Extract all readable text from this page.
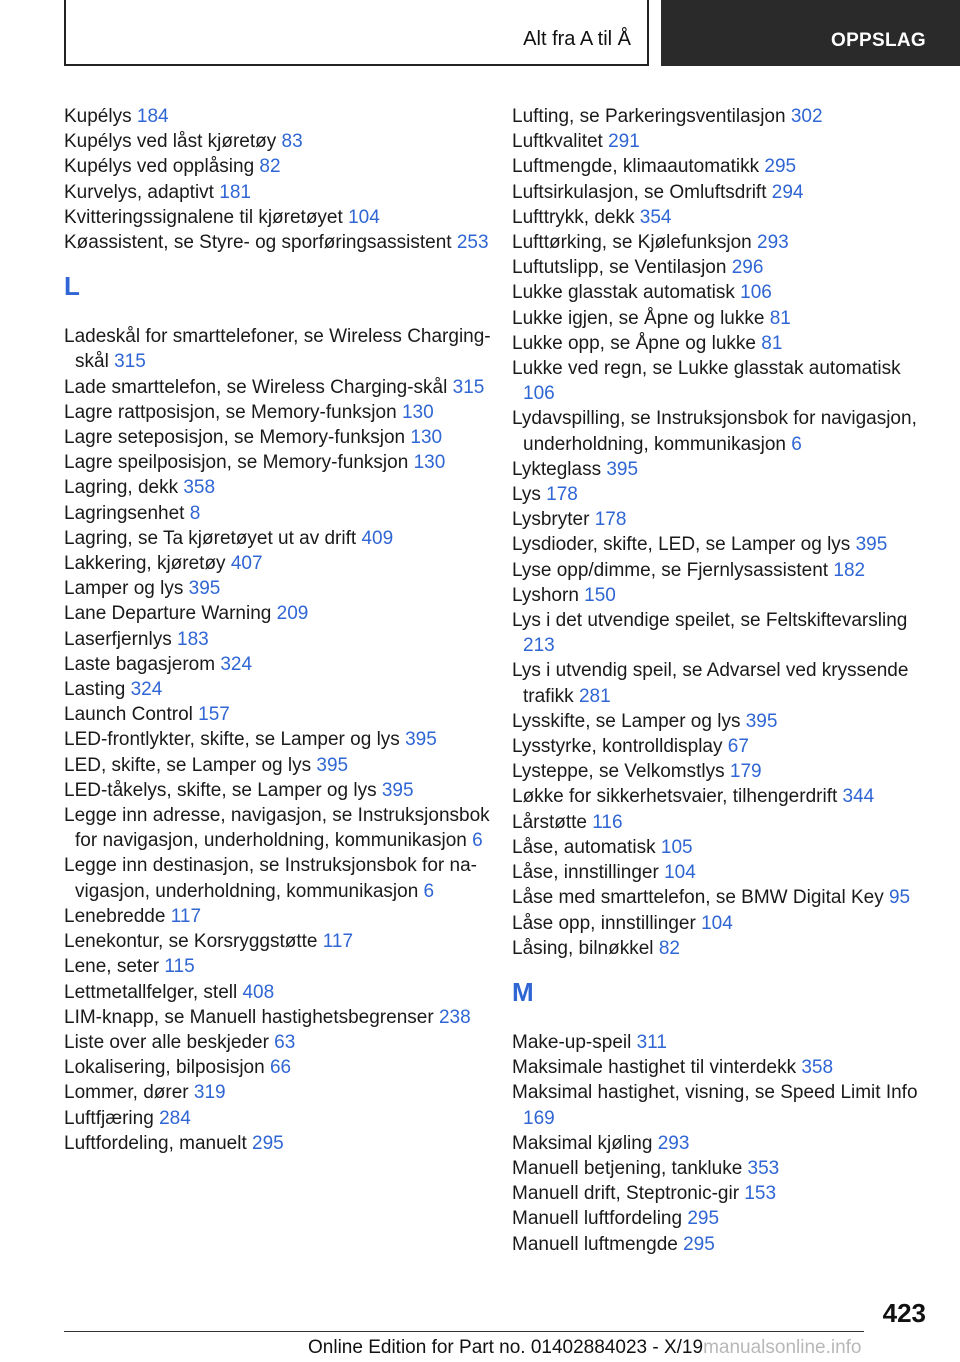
Alt fra A til Å	OPPSLAG
Kupélys 184
Kupélys ved låst kjøretøy 83
Kupélys ved opplåsing 82
Kurvelys, adaptivt 181
Kvitteringssignalene til kjøretøyet 104
Køassistent, se Styre- og sporføringsassistent 253
L
Ladeskål for smarttelefoner, se Wireless Charging-skål 315
Lade smarttelefon, se Wireless Charging-skål 315
Lagre rattposisjon, se Memory-funksjon 130
Lagre seteposisjon, se Memory-funksjon 130
Lagre speilposisjon, se Memory-funksjon 130
Lagring, dekk 358
Lagringsenhet 8
Lagring, se Ta kjøretøyet ut av drift 409
Lakkering, kjøretøy 407
Lamper og lys 395
Lane Departure Warning 209
Laserfjernlys 183
Laste bagasjerom 324
Lasting 324
Launch Control 157
LED-frontlykter, skifte, se Lamper og lys 395
LED, skifte, se Lamper og lys 395
LED-tåkelys, skifte, se Lamper og lys 395
Legge inn adresse, navigasjon, se Instruksjonsbok for navigasjon, underholdning, kommunikasjon 6
Legge inn destinasjon, se Instruksjonsbok for navigasjon, underholdning, kommunikasjon 6
Lenebredde 117
Lenekontur, se Korsryggstøtte 117
Lene, seter 115
Lettmetallfelger, stell 408
LIM-knapp, se Manuell hastighetsbegrenser 238
Liste over alle beskjeder 63
Lokalisering, bilposisjon 66
Lommer, dører 319
Luftfjæring 284
Luftfordeling, manuelt 295
Lufting, se Parkeringsventilasjon 302
Luftkvalitet 291
Luftmengde, klimaautomatikk 295
Luftsirkulasjon, se Omluftsdrift 294
Lufttrykk, dekk 354
Lufttørking, se Kjølefunksjon 293
Luftutslipp, se Ventilasjon 296
Lukke glasstak automatisk 106
Lukke igjen, se Åpne og lukke 81
Lukke opp, se Åpne og lukke 81
Lukke ved regn, se Lukke glasstak automatisk 106
Lydavspilling, se Instruksjonsbok for navigasjon, underholdning, kommunikasjon 6
Lykteglass 395
Lys 178
Lysbryter 178
Lysdioder, skifte, LED, se Lamper og lys 395
Lyse opp/dimme, se Fjernlysassistent 182
Lyshorn 150
Lys i det utvendige speilet, se Feltskiftevarsling 213
Lys i utvendig speil, se Advarsel ved kryssende trafikk 281
Lysskifte, se Lamper og lys 395
Lysstyrke, kontrolldisplay 67
Lysteppe, se Velkomstlys 179
Løkke for sikkerhetsvaier, tilhengerdrift 344
Lårstøtte 116
Låse, automatisk 105
Låse, innstillinger 104
Låse med smarttelefon, se BMW Digital Key 95
Låse opp, innstillinger 104
Låsing, bilnøkkel 82
M
Make-up-speil 311
Maksimale hastighet til vinterdekk 358
Maksimal hastighet, visning, se Speed Limit Info 169
Maksimal kjøling 293
Manuell betjening, tankluke 353
Manuell drift, Steptronic-gir 153
Manuell luftfordeling 295
Manuell luftmengde 295
423
Online Edition for Part no. 01402884023 - X/19manualsonline.info
